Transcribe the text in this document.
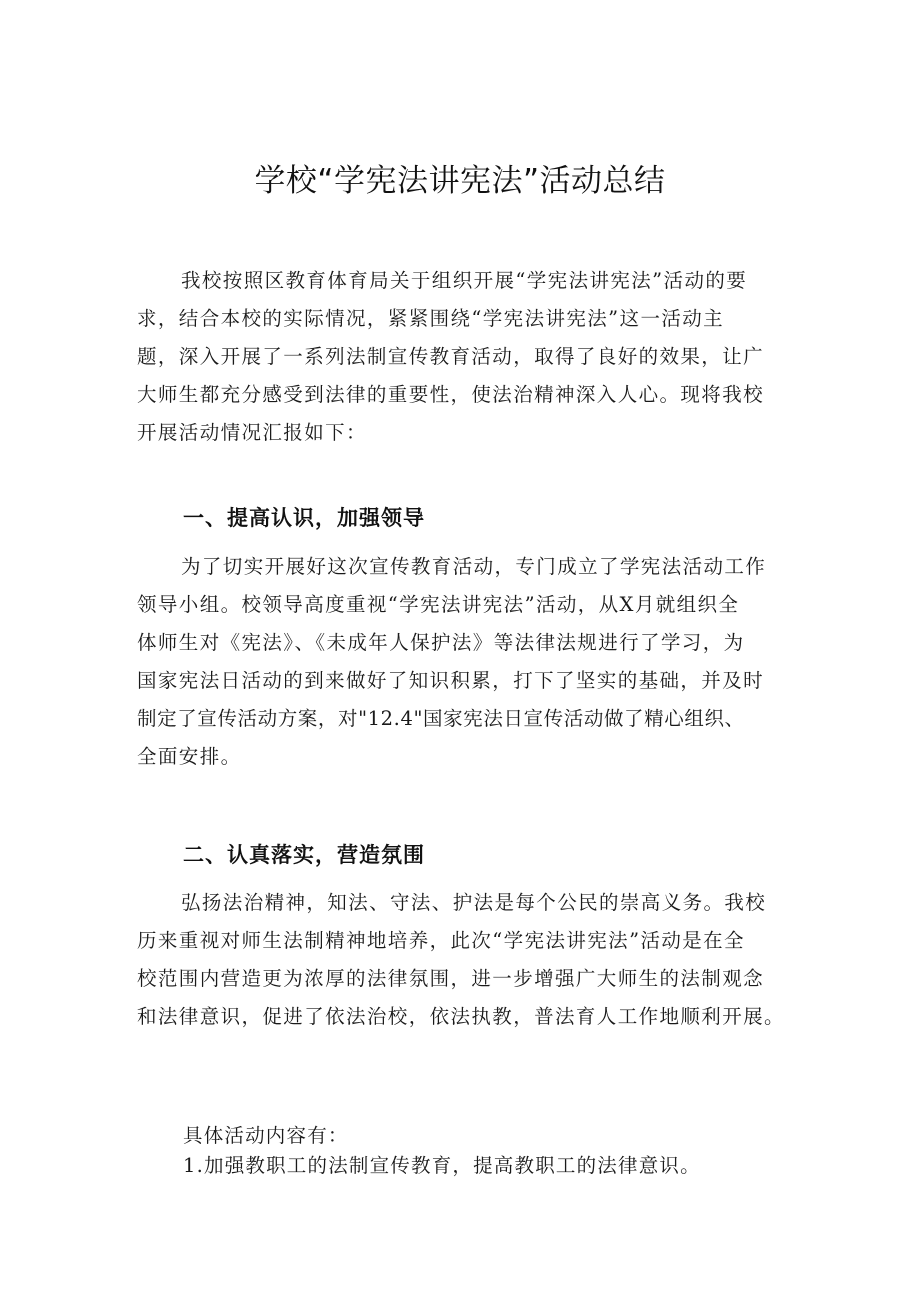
学校“学宪法讲宪法”活动总结
我校按照区教育体育局关于组织开展“学宪法讲宪法”活动的要
求，结合本校的实际情况，紧紧围绕“学宪法讲宪法”这一活动主
题，深入开展了一系列法制宣传教育活动，取得了良好的效果，让广
大师生都充分感受到法律的重要性，使法治精神深入人心。现将我校
开展活动情况汇报如下：
一、提高认识，加强领导
为了切实开展好这次宣传教育活动，专门成立了学宪法活动工作
领导小组。校领导高度重视“学宪法讲宪法”活动，从X月就组织全
体师生对《宪法》、《未成年人保护法》等法律法规进行了学习，为
国家宪法日活动的到来做好了知识积累，打下了坚实的基础，并及时
制定了宣传活动方案，对"12.4"国家宪法日宣传活动做了精心组织、
全面安排。
二、认真落实，营造氛围
弘扬法治精神，知法、守法、护法是每个公民的崇高义务。我校
历来重视对师生法制精神地培养，此次“学宪法讲宪法”活动是在全
校范围内营造更为浓厚的法律氛围，进一步增强广大师生的法制观念
和法律意识，促进了依法治校，依法执教，普法育人工作地顺利开展。

具体活动内容有：

1.加强教职工的法制宣传教育，提高教职工的法律意识。
